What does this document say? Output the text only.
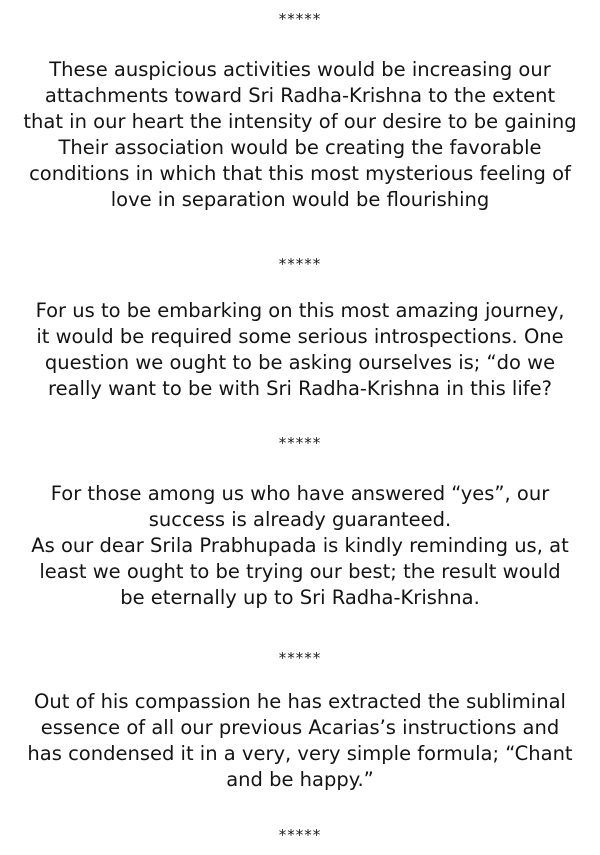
*****
These auspicious activities would be increasing our
attachments toward Sri Radha-Krishna to the extent
that in our heart the intensity of our desire to be gaining
Their association would be creating the favorable
conditions in which that this most mysterious feeling of
love in separation would be flourishing
*****
For us to be embarking on this most amazing journey,
it would be required some serious introspections. One
question we ought to be asking ourselves is; “do we
really want to be with Sri Radha-Krishna in this life?
*****
For those among us who have answered “yes”, our
success is already guaranteed.
As our dear Srila Prabhupada is kindly reminding us, at
least we ought to be trying our best; the result would
be eternally up to Sri Radha-Krishna.
*****
Out of his compassion he has extracted the subliminal
essence of all our previous Acarias’s instructions and
has condensed it in a very, very simple formula; “Chant
and be happy.”
*****
